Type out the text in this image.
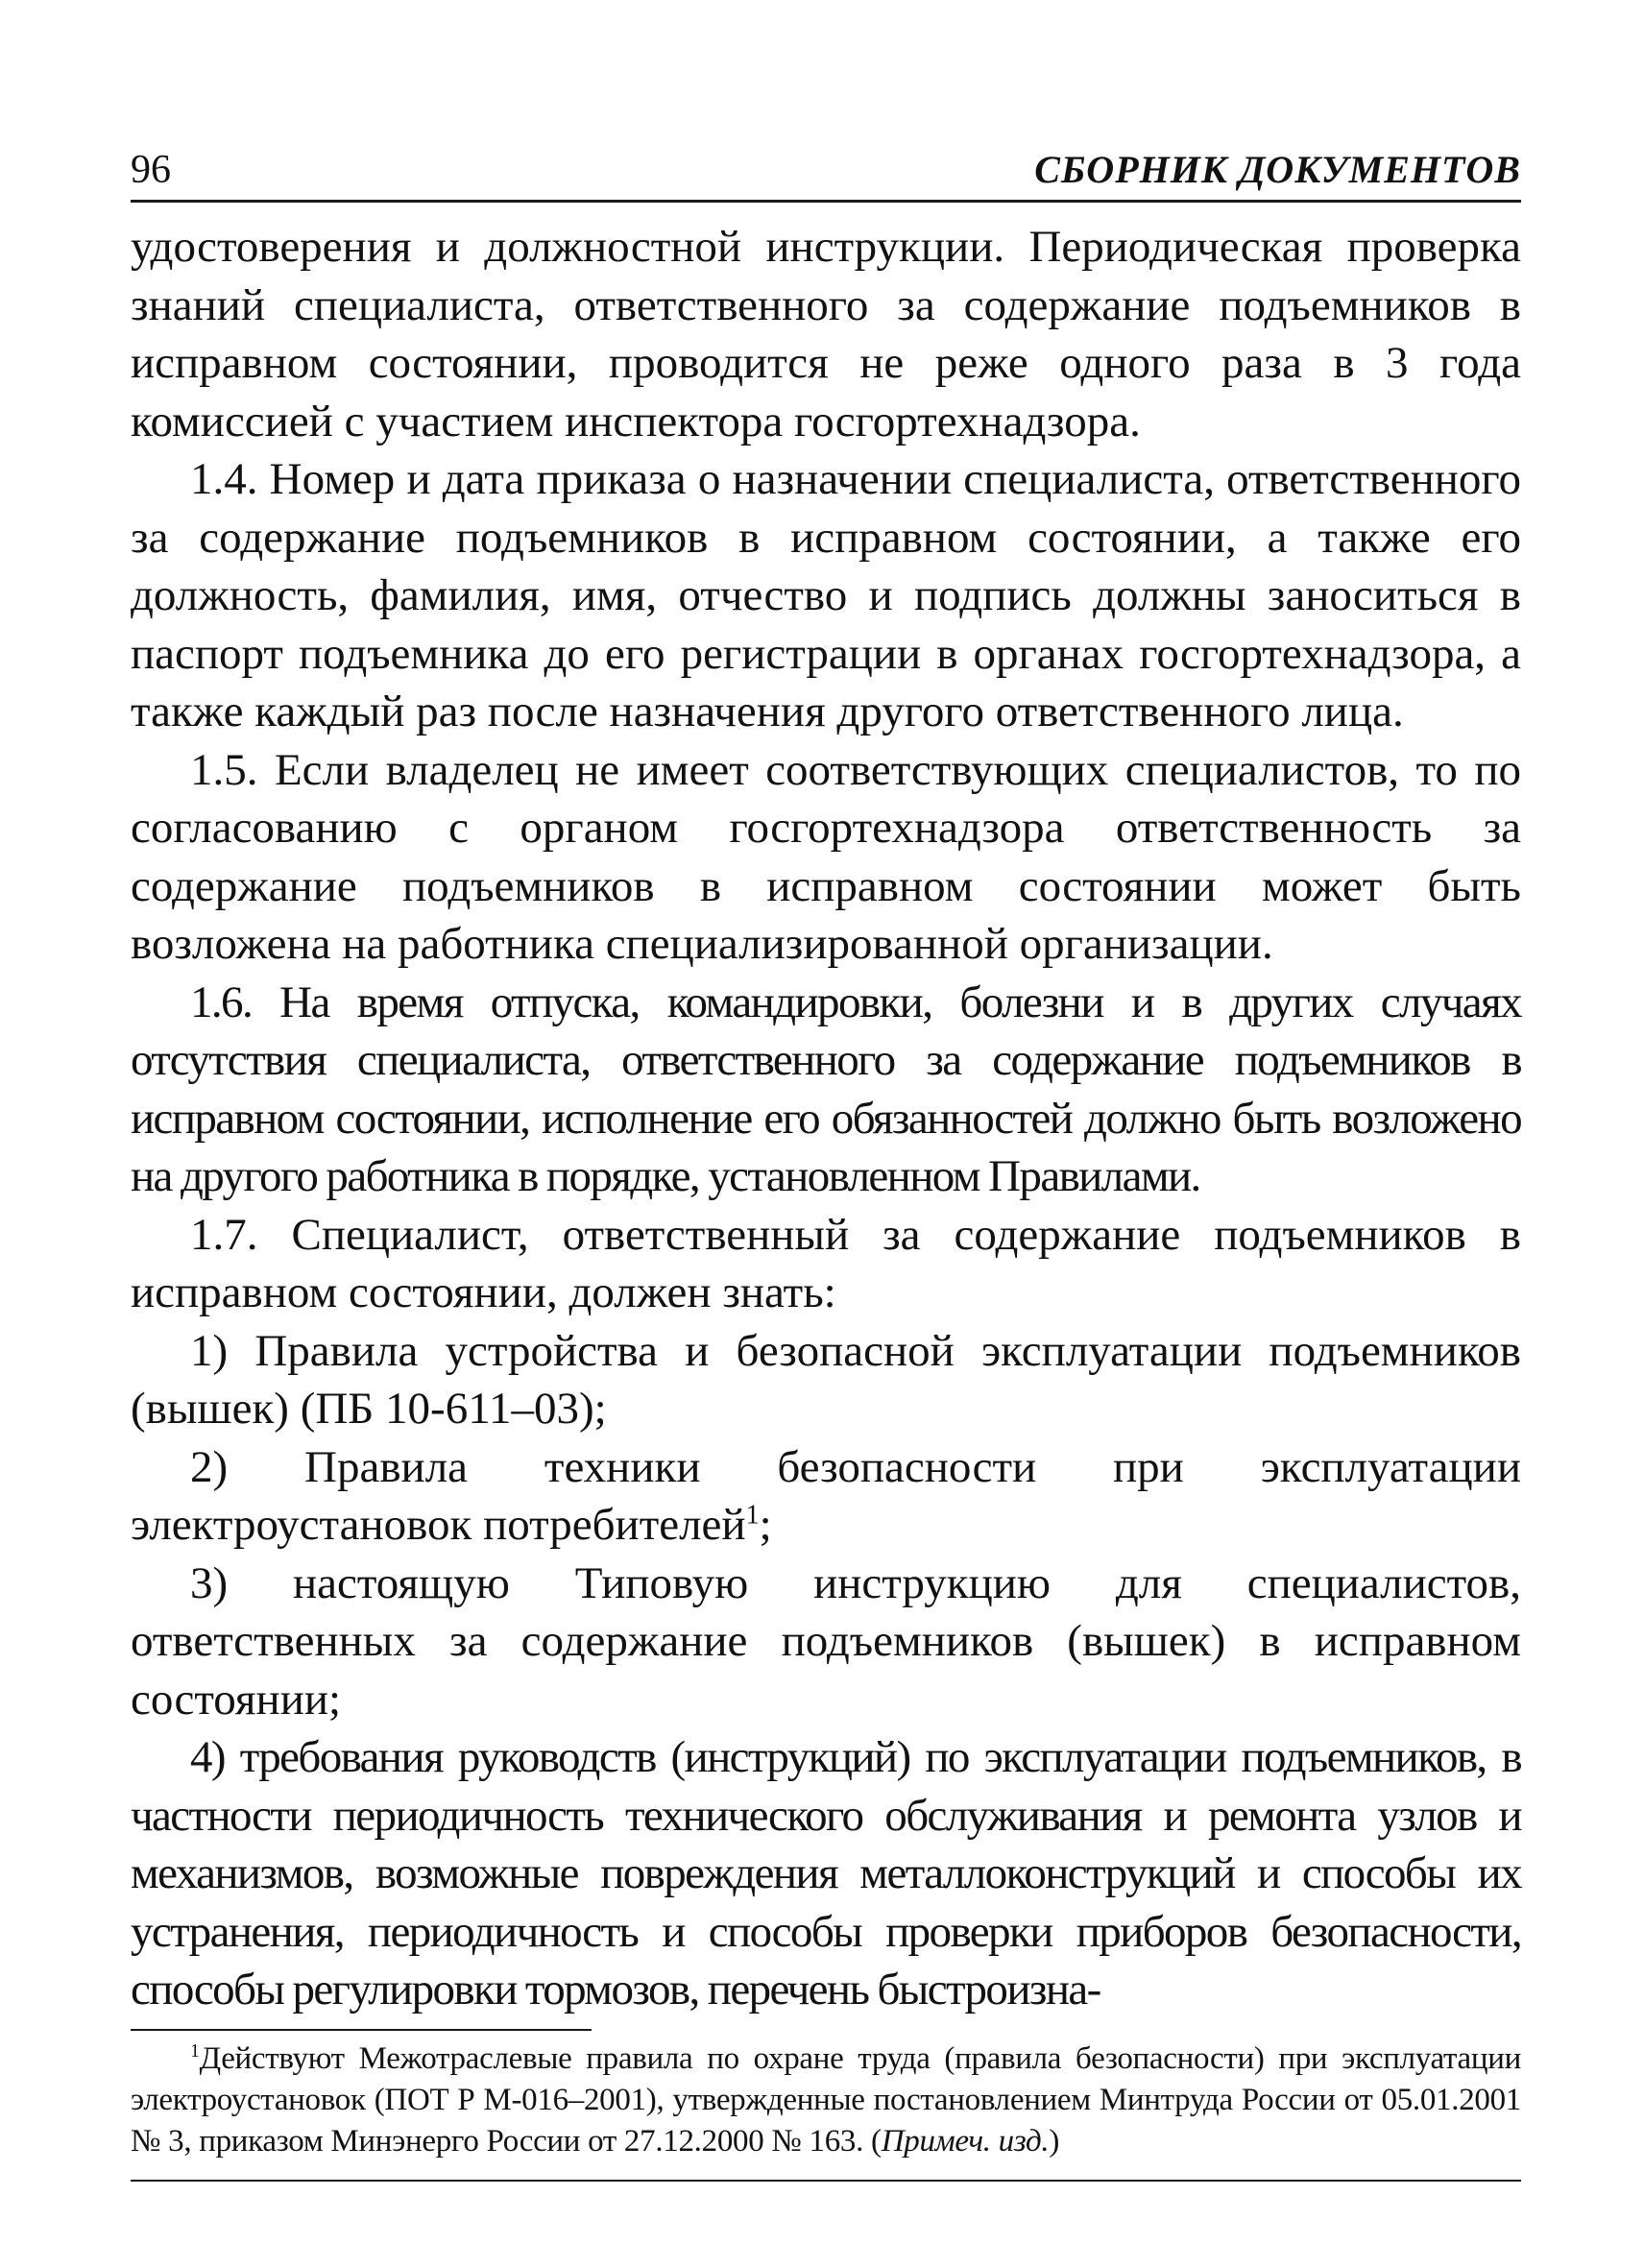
96	СБОРНИК ДОКУМЕНТОВ

удостоверения и должностной инструкции. Периодическая проверка знаний специалиста, ответственного за содержание подъемников в исправном состоянии, проводится не реже одного раза в 3 года комиссией с участием инспектора госгортехнадзора.

1.4. Номер и дата приказа о назначении специалиста, ответственного за содержание подъемников в исправном состоянии, а также его должность, фамилия, имя, отчество и подпись должны заноситься в паспорт подъемника до его регистрации в органах госгортехнадзора, а также каждый раз после назначения другого ответственного лица.

1.5. Если владелец не имеет соответствующих специалистов, то по согласованию с органом госгортехнадзора ответственность за содержание подъемников в исправном состоянии может быть возложена на работника специализированной организации.

1.6. На время отпуска, командировки, болезни и в других случаях отсутствия специалиста, ответственного за содержание подъемников в исправном состоянии, исполнение его обязанностей должно быть возложено на другого работника в порядке, установленном Правилами.

1.7. Специалист, ответственный за содержание подъемников в исправном состоянии, должен знать:

1) Правила устройства и безопасной эксплуатации подъемников (вышек) (ПБ 10-611–03);

2) Правила техники безопасности при эксплуатации электроустановок потребителей$^1$;

3) настоящую Типовую инструкцию для специалистов, ответственных за содержание подъемников (вышек) в исправном состоянии;

4) требования руководств (инструкций) по эксплуатации подъемников, в частности периодичность технического обслуживания и ремонта узлов и механизмов, возможные повреждения металлоконструкций и способы их устранения, периодичность и способы проверки приборов безопасности, способы регулировки тормозов, перечень быстроизна-

$^1$Действуют Межотраслевые правила по охране труда (правила безопасности) при эксплуатации электроустановок (ПОТ Р М-016–2001), утвержденные постановлением Минтруда России от 05.01.2001 № 3, приказом Минэнерго России от 27.12.2000 № 163. (Примеч. изд.)
